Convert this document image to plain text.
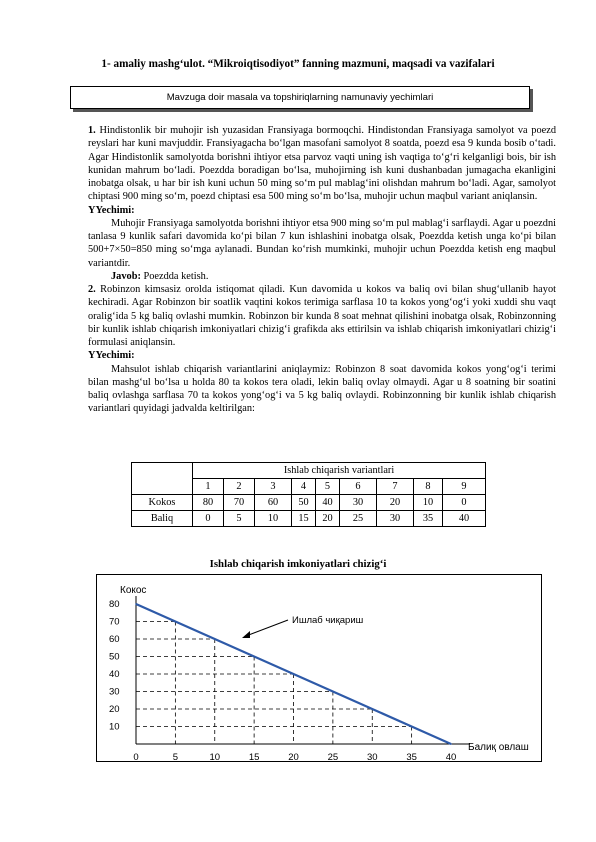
1- amaliy mashg‘ulot. “Mikroiqtisodiyot” fanning mazmuni, maqsadi va vazifalari
Mavzuga doir masala va topshiriqlarning namunaviy yechimlari

1. Hindistonlik bir muhojir ish yuzasidan Fransiyaga bormoqchi. Hindistondan Fransiyaga samolyot va poezd reyslari har kuni mavjuddir. Fransiyagacha bo‘lgan masofani samolyot 8 soatda, poezd esa 9 kunda bosib o‘tadi. Agar Hindistonlik samolyotda borishni ihtiyor etsa parvoz vaqti uning ish vaqtiga to‘g‘ri kelganligi bois, bir ish kunidan mahrum bo‘ladi. Poezdda boradigan bo‘lsa, muhojirning ish kuni dushanbadan jumagacha ekanligini inobatga olsak, u har bir ish kuni uchun 50 ming so‘m pul mablag‘ini olishdan mahrum bo‘ladi. Agar, samolyot chiptasi 900 ming so‘m, poezd chiptasi esa 500 ming so‘m bo‘lsa, muhojir uchun maqbul variant aniqlansin.

YYechimi:

Muhojir Fransiyaga samolyotda borishni ihtiyor etsa 900 ming so‘m pul mablag‘i sarflaydi. Agar u poezdni tanlasa 9 kunlik safari davomida ko‘pi bilan 7 kun ishlashini inobatga olsak, Poezdda ketish unga ko‘pi bilan 500+7×50=850 ming so‘mga aylanadi. Bundan ko‘rish mumkinki, muhojir uchun Poezdda ketish eng maqbul variantdir.

Javob: Poezdda ketish.

2. Robinzon kimsasiz orolda istiqomat qiladi. Kun davomida u kokos va baliq ovi bilan shug‘ullanib hayot kechiradi. Agar Robinzon bir soatlik vaqtini kokos terimiga sarflasa 10 ta kokos yong‘og‘i yoki xuddi shu vaqt oralig‘ida 5 kg baliq ovlashi mumkin. Robinzon bir kunda 8 soat mehnat qilishini inobatga olsak, Robinzonning bir kunlik ishlab chiqarish imkoniyatlari chizig‘i grafikda aks ettirilsin va ishlab chiqarish imkoniyatlari chizig‘i formulasi aniqlansin.

YYechimi:

Mahsulot ishlab chiqarish variantlarini aniqlaymiz: Robinzon 8 soat davomida kokos yong‘og‘i terimi bilan mashg‘ul bo‘lsa u holda 80 ta kokos tera oladi, lekin baliq ovlay olmaydi. Agar u 8 soatning bir soatini baliq ovlashga sarflasa 70 ta kokos yong‘og‘i va 5 kg baliq ovlaydi. Robinzonning bir kunlik ishlab chiqarish variantlari quyidagi jadvalda keltirilgan:

	Ishlab chiqarish variantlari								
	1	2	3	4	5	6	7	8	9
Kokos	80	70	60	50	40	30	20	10	0
Baliq	0	5	10	15	20	25	30	35	40
Ishlab chiqarish imkoniyatlari chizig‘i
0	5	10	15	20	25	30	35	40
10
20
30
40
50
60
70
80
Кокос
Балиқ овлаш
Ишлаб чиқариш
